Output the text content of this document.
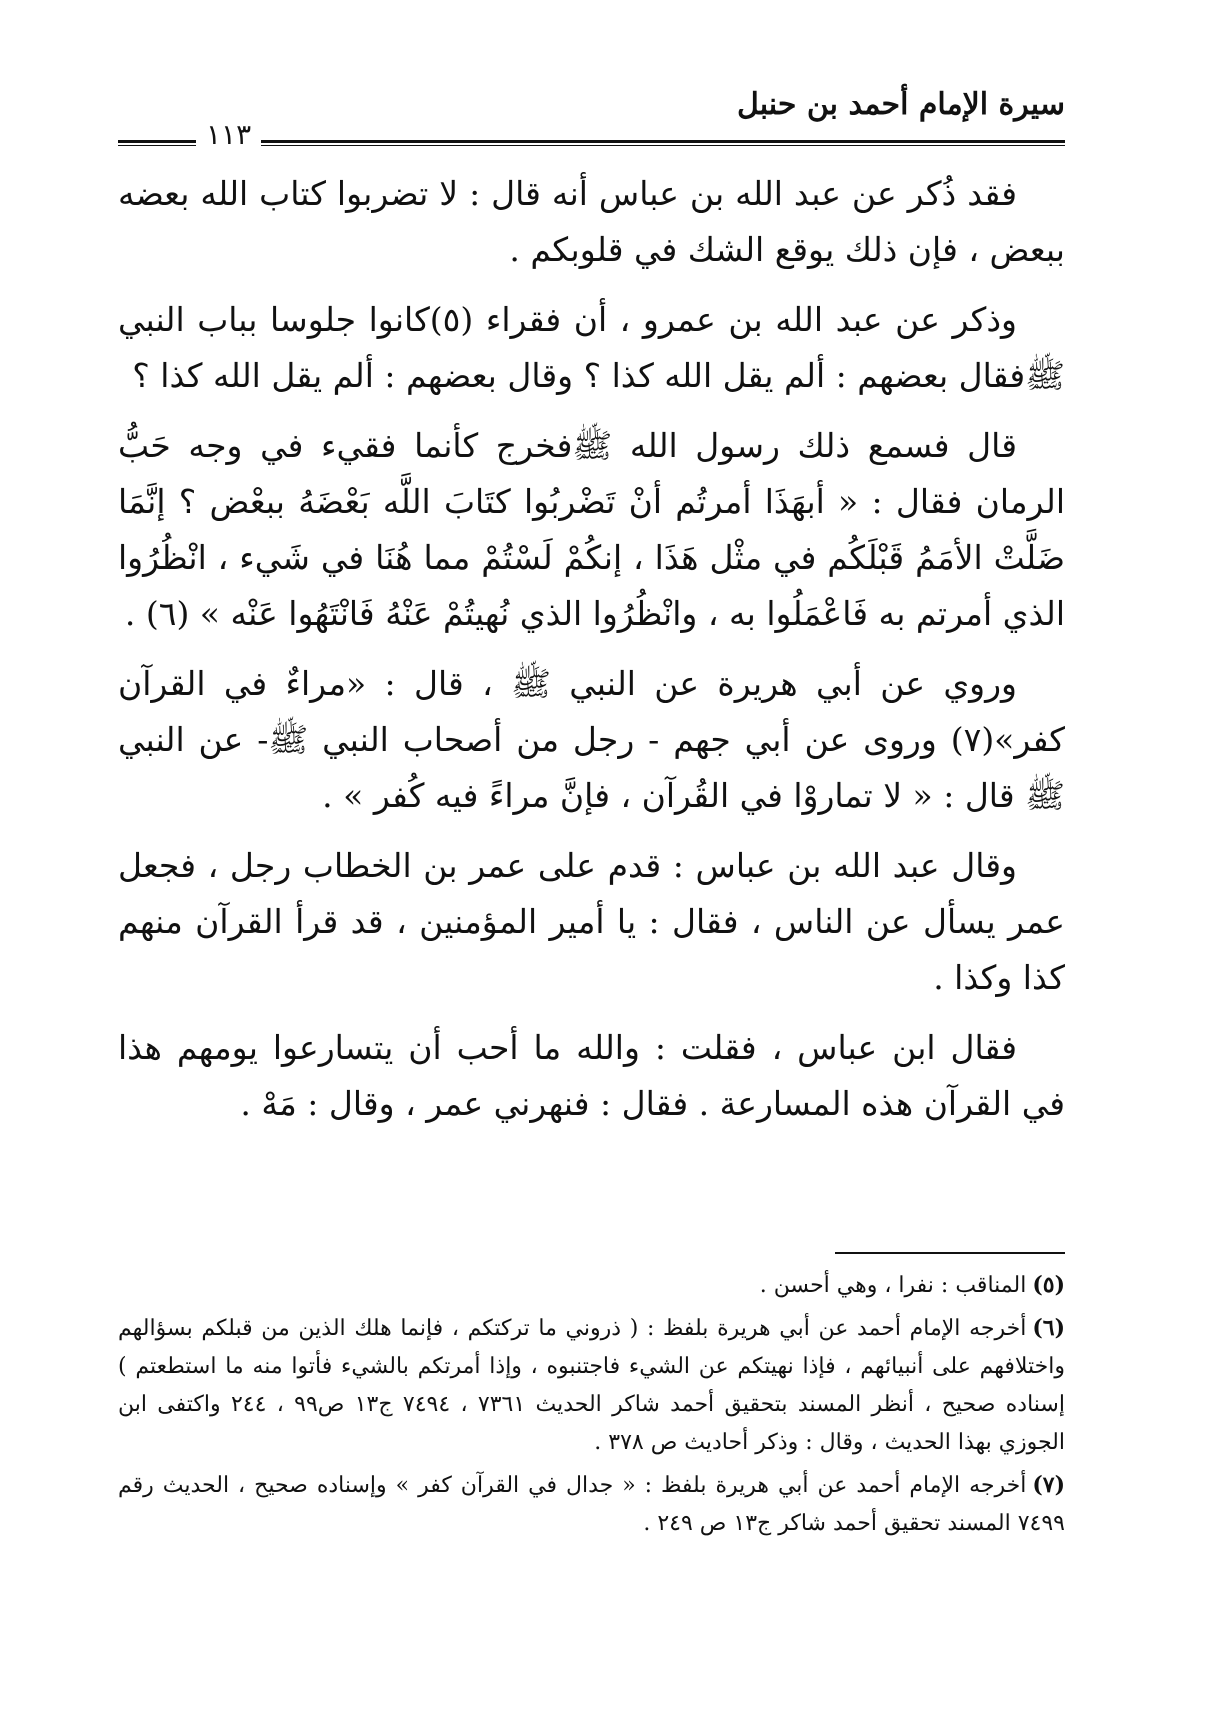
سيرة الإمام أحمد بن حنبل
١١٣

فقد ذُكر عن عبد الله بن عباس أنه قال : لا تضربوا كتاب الله بعضه ببعض ، فإن ذلك يوقع الشك في قلوبكم .

وذكر عن عبد الله بن عمرو ، أن فقراء (٥)كانوا جلوسا بباب النبي ﷺفقال بعضهم : ألم يقل الله كذا ؟ وقال بعضهم : ألم يقل الله كذا ؟

قال فسمع ذلك رسول الله ﷺفخرج كأنما فقيء في وجه حَبُّ الرمان فقال : « أبهَذَا أمرتُم أنْ تَضْربُوا كتَابَ اللَّه بَعْضَهُ ببعْض ؟ إنَّمَا ضَلَّتْ الأمَمُ قَبْلَكُم في مثْل هَذَا ، إنكُمْ لَسْتُمْ مما هُنَا في شَيء ، انْظُرُوا الذي أمرتم به فَاعْمَلُوا به ، وانْظُرُوا الذي نُهيتُمْ عَنْهُ فَانْتَهُوا عَنْه » (٦) .

وروي عن أبي هريرة عن النبي ﷺ ، قال : «مراءٌ في القرآن كفر»(٧) وروى عن أبي جهم - رجل من أصحاب النبي ﷺ- عن النبي ﷺ قال : « لا تماروْا في القُرآن ، فإنَّ مراءً فيه كُفر » .

وقال عبد الله بن عباس : قدم على عمر بن الخطاب رجل ، فجعل عمر يسأل عن الناس ، فقال : يا أمير المؤمنين ، قد قرأ القرآن منهم كذا وكذا .

فقال ابن عباس ، فقلت : والله ما أحب أن يتسارعوا يومهم هذا في القرآن هذه المسارعة . فقال : فنهرني عمر ، وقال : مَهْ .

(٥)المناقب : نفرا ، وهي أحسن .

(٦)أخرجه الإمام أحمد عن أبي هريرة بلفظ : ( ذروني ما تركتكم ، فإنما هلك الذين من قبلكم بسؤالهم واختلافهم على أنبيائهم ، فإذا نهيتكم عن الشيء فاجتنبوه ، وإذا أمرتكم بالشيء فأتوا منه ما استطعتم ) إسناده صحيح ، أنظر المسند بتحقيق أحمد شاكر الحديث ٧٣٦١ ، ٧٤٩٤ ج١٣ ص٩٩ ، ٢٤٤ واكتفى ابن الجوزي بهذا الحديث ، وقال : وذكر أحاديث ص ٣٧٨ .

(٧)أخرجه الإمام أحمد عن أبي هريرة بلفظ : « جدال في القرآن كفر » وإسناده صحيح ، الحديث رقم ٧٤٩٩ المسند تحقيق أحمد شاكر ج١٣ ص ٢٤٩ .
